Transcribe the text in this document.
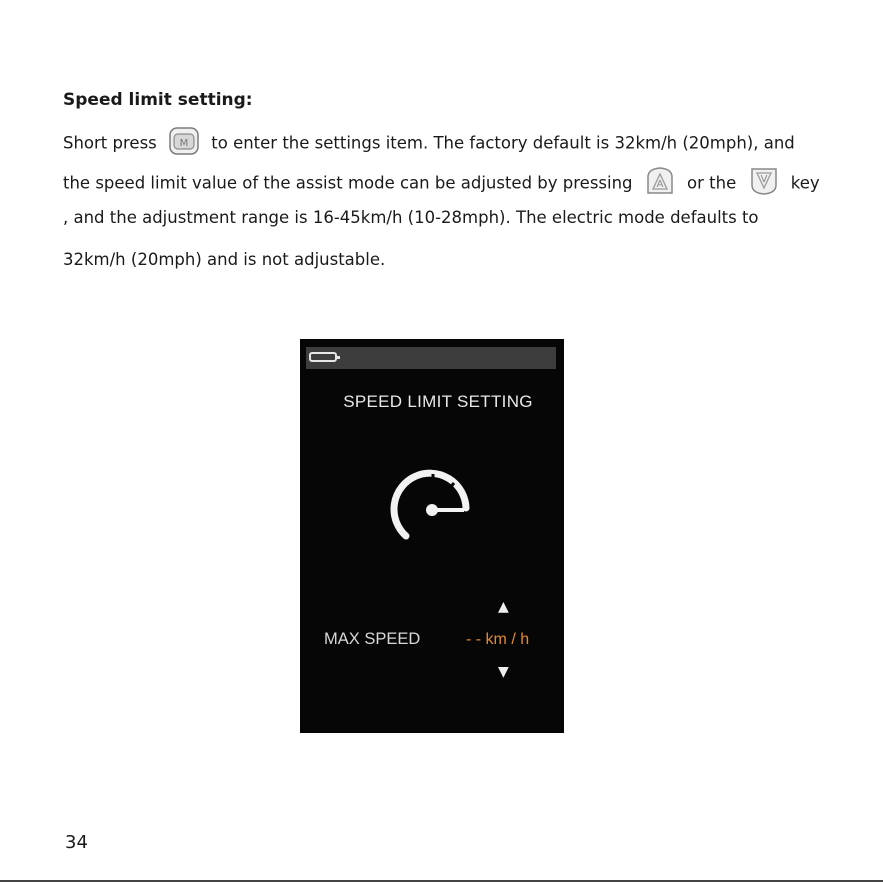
Speed limit setting:
Short press M to enter the settings item. The factory default is 32km/h (20mph), and
the speed limit value of the assist mode can be adjusted by pressing A or the V key
, and the adjustment range is 16-45km/h (10-28mph). The electric mode defaults to
32km/h (20mph) and is not adjustable.
SPEED LIMIT SETTING
▲
MAX SPEED	- - km / h
▼
34
